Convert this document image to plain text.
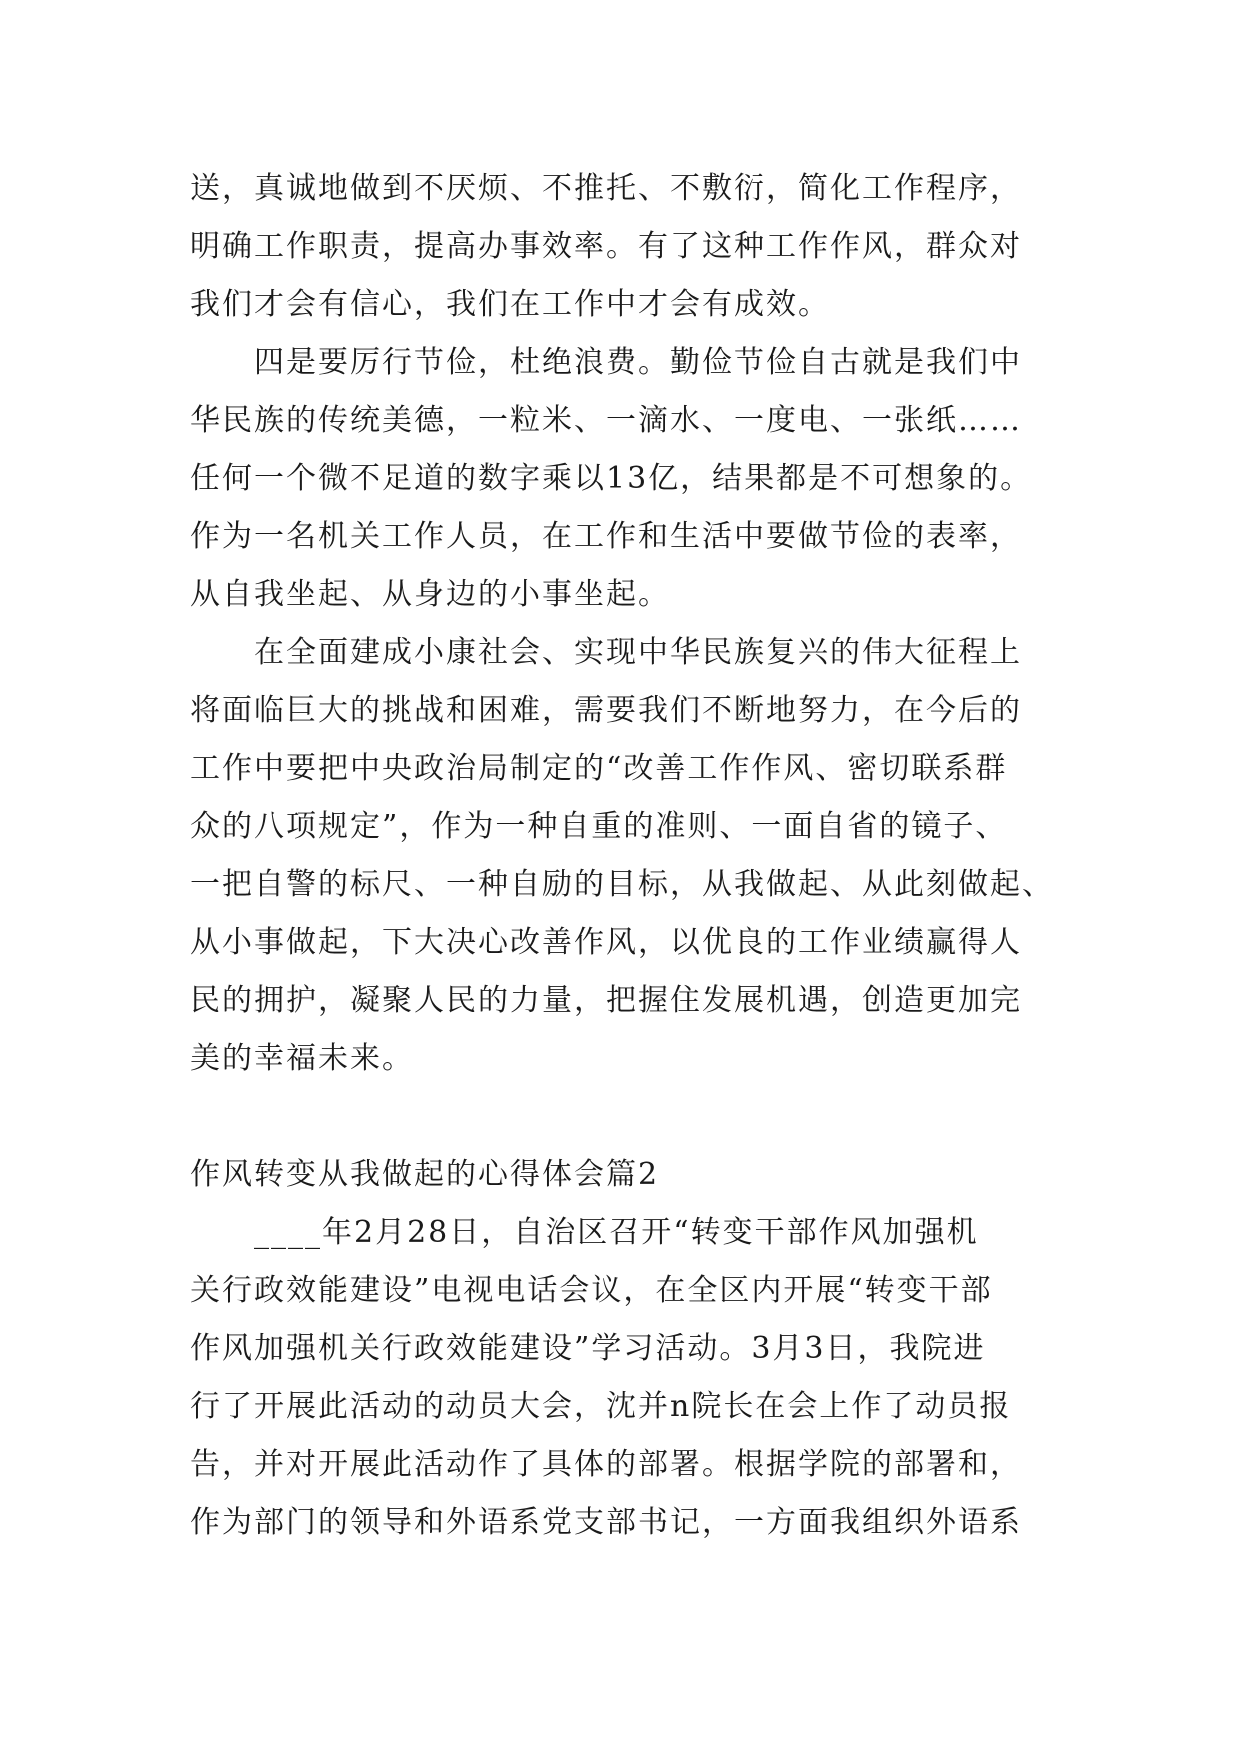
送，真诚地做到不厌烦、不推托、不敷衍，简化工作程序，
明确工作职责，提高办事效率。有了这种工作作风，群众对
我们才会有信心，我们在工作中才会有成效。
四是要厉行节俭，杜绝浪费。勤俭节俭自古就是我们中
华民族的传统美德，一粒米、一滴水、一度电、一张纸……
任何一个微不足道的数字乘以13亿，结果都是不可想象的。
作为一名机关工作人员，在工作和生活中要做节俭的表率，
从自我坐起、从身边的小事坐起。
在全面建成小康社会、实现中华民族复兴的伟大征程上
将面临巨大的挑战和困难，需要我们不断地努力，在今后的
工作中要把中央政治局制定的“改善工作作风、密切联系群
众的八项规定”，作为一种自重的准则、一面自省的镜子、
一把自警的标尺、一种自励的目标，从我做起、从此刻做起、
从小事做起，下大决心改善作风，以优良的工作业绩赢得人
民的拥护，凝聚人民的力量，把握住发展机遇，创造更加完
美的幸福未来。
作风转变从我做起的心得体会篇2
____年2月28日，自治区召开“转变干部作风加强机
关行政效能建设”电视电话会议，在全区内开展“转变干部
作风加强机关行政效能建设”学习活动。3月3日，我院进
行了开展此活动的动员大会，沈并n院长在会上作了动员报
告，并对开展此活动作了具体的部署。根据学院的部署和，
作为部门的领导和外语系党支部书记，一方面我组织外语系
